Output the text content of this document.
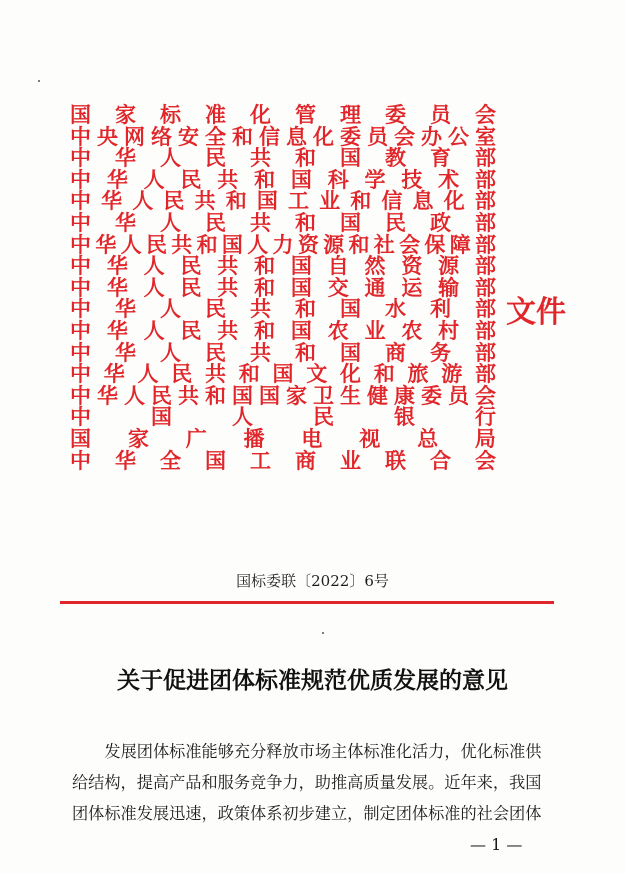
国 家 标 准 化 管 理 委 员 会
中 央 网 络 安 全 和 信 息 化 委 员 会 办 公 室
中 华 人 民 共 和 国 教 育 部
中 华 人 民 共 和 国 科 学 技 术 部
中 华 人 民 共 和 国 工 业 和 信 息 化 部
中 华 人 民 共 和 国 民 政 部
中 华 人 民 共 和 国 人 力 资 源 和 社 会 保 障 部
中 华 人 民 共 和 国 自 然 资 源 部
中 华 人 民 共 和 国 交 通 运 输 部
中 华 人 民 共 和 国 水 利 部
中 华 人 民 共 和 国 农 业 农 村 部
中 华 人 民 共 和 国 商 务 部
中 华 人 民 共 和 国 文 化 和 旅 游 部
中 华 人 民 共 和 国 国 家 卫 生 健 康 委 员 会
中	国	人	民	银	行
国 家 广 播 电 视 总 局
中 华 全 国 工 商 业 联 合 会
文件
国标委联〔2022〕6号
关于促进团体标准规范优质发展的意见
发展团体标准能够充分释放市场主体标准化活力，优化标准供
给结构，提高产品和服务竞争力，助推高质量发展。近年来，我国
团体标准发展迅速，政策体系初步建立，制定团体标准的社会团体
— 1 —
